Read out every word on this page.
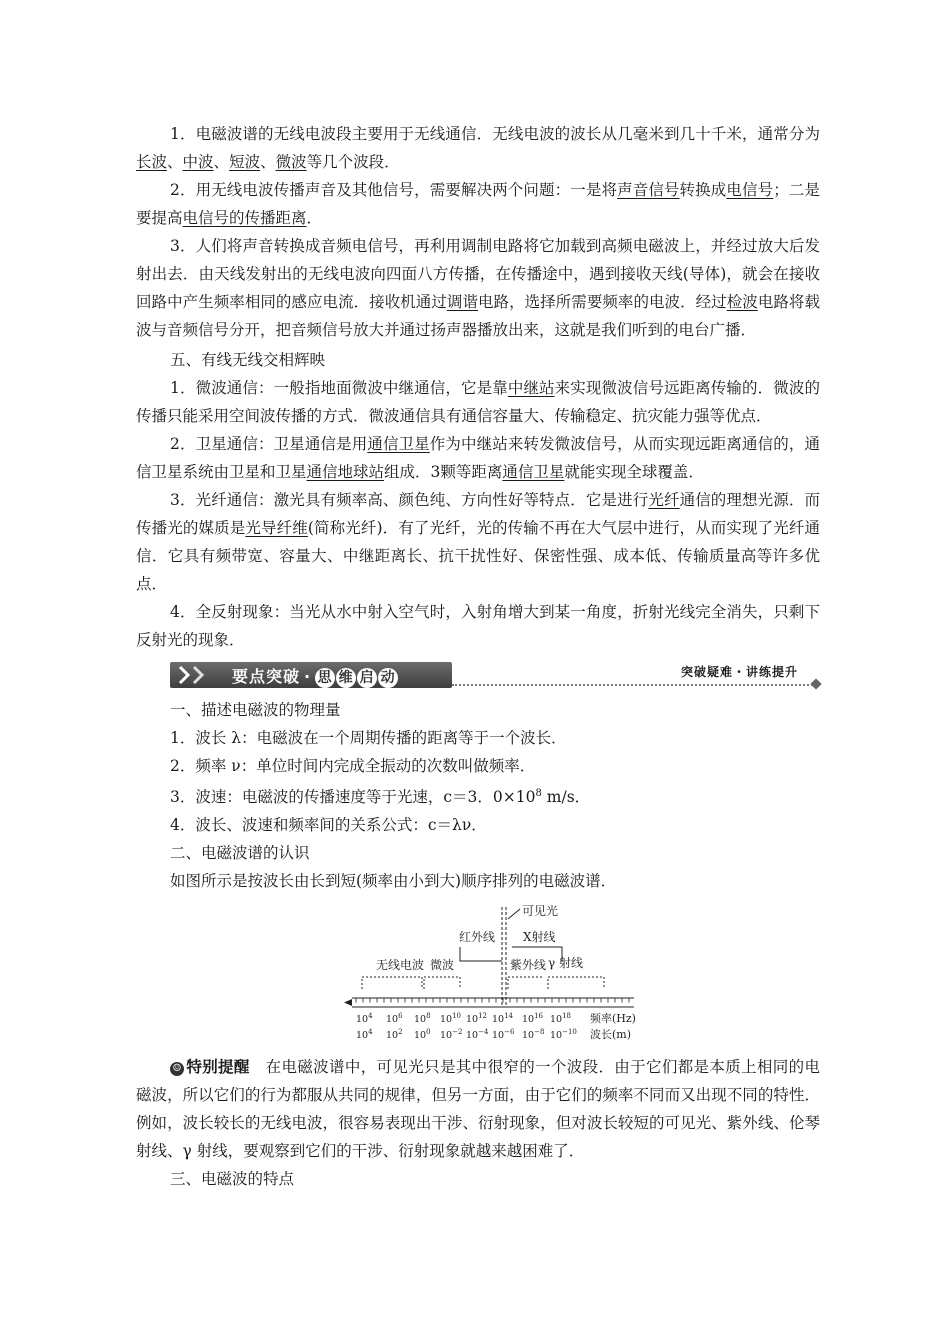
1．电磁波谱的无线电波段主要用于无线通信．无线电波的波长从几毫米到几十千米，通常分为长波、中波、短波、微波等几个波段．

2．用无线电波传播声音及其他信号，需要解决两个问题：一是将声音信号转换成电信号；二是要提高电信号的传播距离．

3．人们将声音转换成音频电信号，再利用调制电路将它加载到高频电磁波上，并经过放大后发射出去．由天线发射出的无线电波向四面八方传播，在传播途中，遇到接收天线(导体)，就会在接收回路中产生频率相同的感应电流．接收机通过调谐电路，选择所需要频率的电波．经过检波电路将载波与音频信号分开，把音频信号放大并通过扬声器播放出来，这就是我们听到的电台广播．

五、有线无线交相辉映

1．微波通信：一般指地面微波中继通信，它是靠中继站来实现微波信号远距离传输的．微波的传播只能采用空间波传播的方式．微波通信具有通信容量大、传输稳定、抗灾能力强等优点．

2．卫星通信：卫星通信是用通信卫星作为中继站来转发微波信号，从而实现远距离通信的，通信卫星系统由卫星和卫星通信地球站组成．3颗等距离通信卫星就能实现全球覆盖．

3．光纤通信：激光具有频率高、颜色纯、方向性好等特点．它是进行光纤通信的理想光源．而传播光的媒质是光导纤维(简称光纤)．有了光纤，光的传输不再在大气层中进行，从而实现了光纤通信．它具有频带宽、容量大、中继距离长、抗干扰性好、保密性强、成本低、传输质量高等许多优点．

4．全反射现象：当光从水中射入空气时，入射角增大到某一角度，折射光线完全消失，只剩下反射光的现象．

要点突破 · 思 维 启 动	突破疑难・讲练提升

一、描述电磁波的物理量

1．波长 λ：电磁波在一个周期传播的距离等于一个波长．

2．频率 ν：单位时间内完成全振动的次数叫做频率．

3．波速：电磁波的传播速度等于光速，c＝3．$0\times 10^8$ m/s．

4．波长、波速和频率间的关系公式：c＝λν．

二、电磁波谱的认识

如图所示是按波长由长到短(频率由小到大)顺序排列的电磁波谱．

可见光
红外线 X射线
无线电波 微波	紫外线 γ 射线
$10^4$ $10^6$ $10^8$ $10^{10}$ $10^{12}$ $10^{14}$ $10^{16}$ $10^{18}$ 频率(Hz)
$10^4$ $10^2$ $10^0$ $10^{-2}$ $10^{-4}$ $10^{-6}$ $10^{-8}$ $10^{-10}$ 波长(m)

☺ 特别提醒 在电磁波谱中，可见光只是其中很窄的一个波段．由于它们都是本质上相同的电磁波，所以它们的行为都服从共同的规律，但另一方面，由于它们的频率不同而又出现不同的特性．例如，波长较长的无线电波，很容易表现出干涉、衍射现象，但对波长较短的可见光、紫外线、伦琴射线、γ 射线，要观察到它们的干涉、衍射现象就越来越困难了．

三、电磁波的特点
